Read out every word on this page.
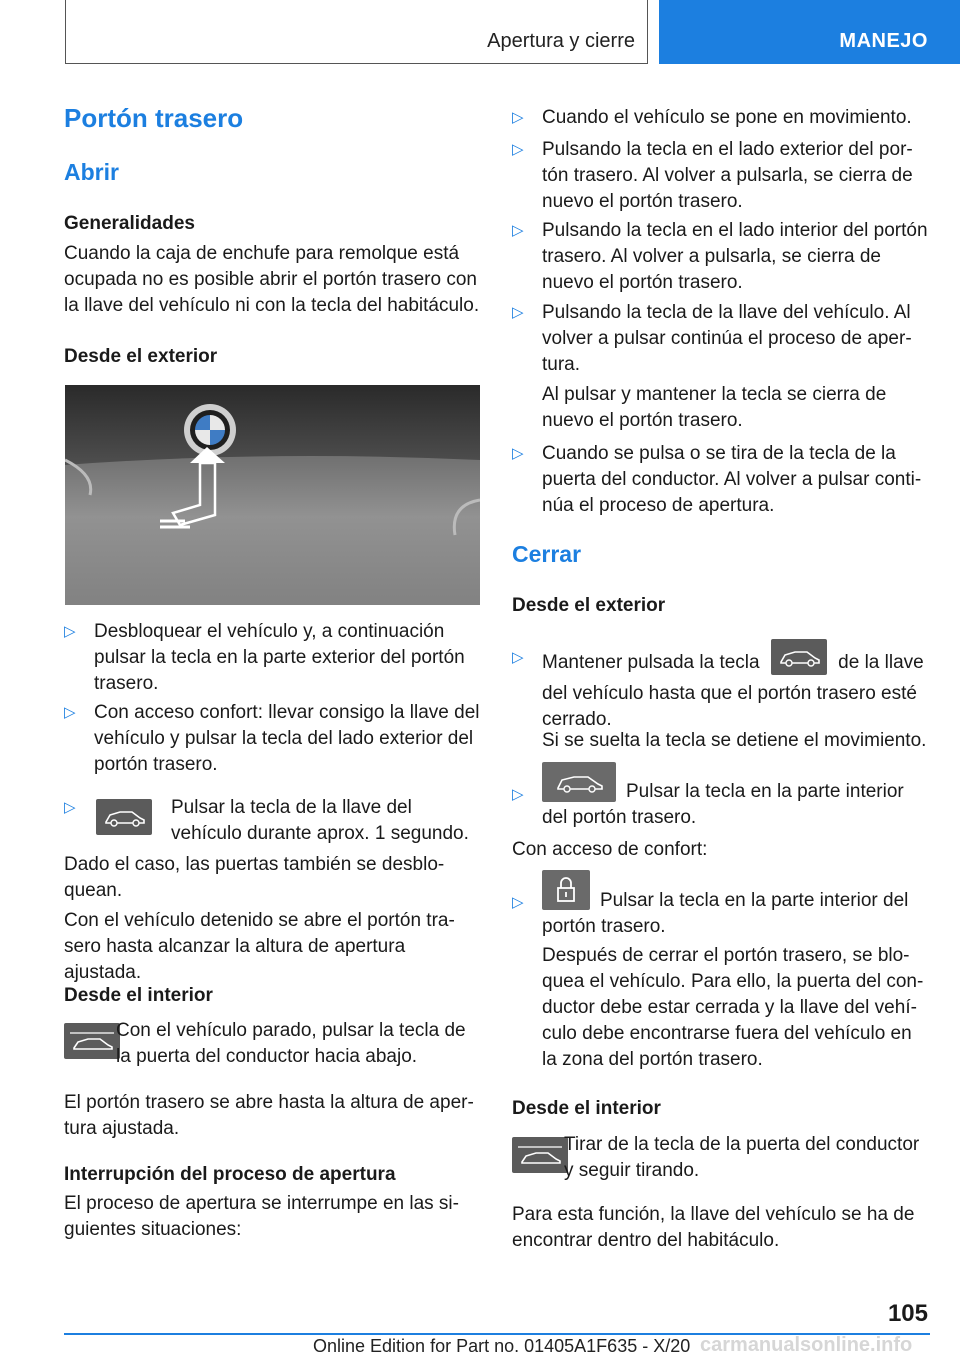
Apertura y cierre	MANEJO
Portón trasero
Abrir
Generalidades

Cuando la caja de enchufe para remolque está ocupada no es posible abrir el portón trasero con la llave del vehículo ni con la tecla del habitáculo.

Desde el exterior
▷ Desbloquear el vehículo y, a continuación pulsar la tecla en la parte exterior del portón trasero.
▷ Con acceso confort: llevar consigo la llave del vehículo y pulsar la tecla del lado exterior del portón trasero.
▷	Pulsar la tecla de la llave del vehículo durante aprox. 1 segundo.

Dado el caso, las puertas también se desblo-quean.

Con el vehículo detenido se abre el portón tra-sero hasta alcanzar la altura de apertura ajustada.

Desde el interior

Con el vehículo parado, pulsar la tecla de la puerta del conductor hacia abajo.

El portón trasero se abre hasta la altura de aper-tura ajustada.

Interrupción del proceso de apertura

El proceso de apertura se interrumpe en las si-guientes situaciones:

▷ Cuando el vehículo se pone en movimiento.
▷ Pulsando la tecla en el lado exterior del por-tón trasero. Al volver a pulsarla, se cierra de nuevo el portón trasero.
▷ Pulsando la tecla en el lado interior del portón trasero. Al volver a pulsarla, se cierra de nuevo el portón trasero.
▷ Pulsando la tecla de la llave del vehículo. Al volver a pulsar continúa el proceso de aper-tura.

Al pulsar y mantener la tecla se cierra de nuevo el portón trasero.

▷ Cuando se pulsa o se tira de la tecla de la puerta del conductor. Al volver a pulsar conti-núa el proceso de apertura.
Cerrar
Desde el exterior
▷ Mantener pulsada la tecla	de la llave del vehículo hasta que el portón trasero esté cerrado.

Si se suelta la tecla se detiene el movimiento.

▷	Pulsar la tecla en la parte interior del portón trasero.

Con acceso de confort:

▷	Pulsar la tecla en la parte interior del portón trasero.

Después de cerrar el portón trasero, se blo-quea el vehículo. Para ello, la puerta del con-ductor debe estar cerrada y la llave del vehí-culo debe encontrarse fuera del vehículo en la zona del portón trasero.

Desde el interior

Tirar de la tecla de la puerta del conductor y seguir tirando.

Para esta función, la llave del vehículo se ha de encontrar dentro del habitáculo.

105
carmanualsonline.info
Online Edition for Part no. 01405A1F635 - X/20
